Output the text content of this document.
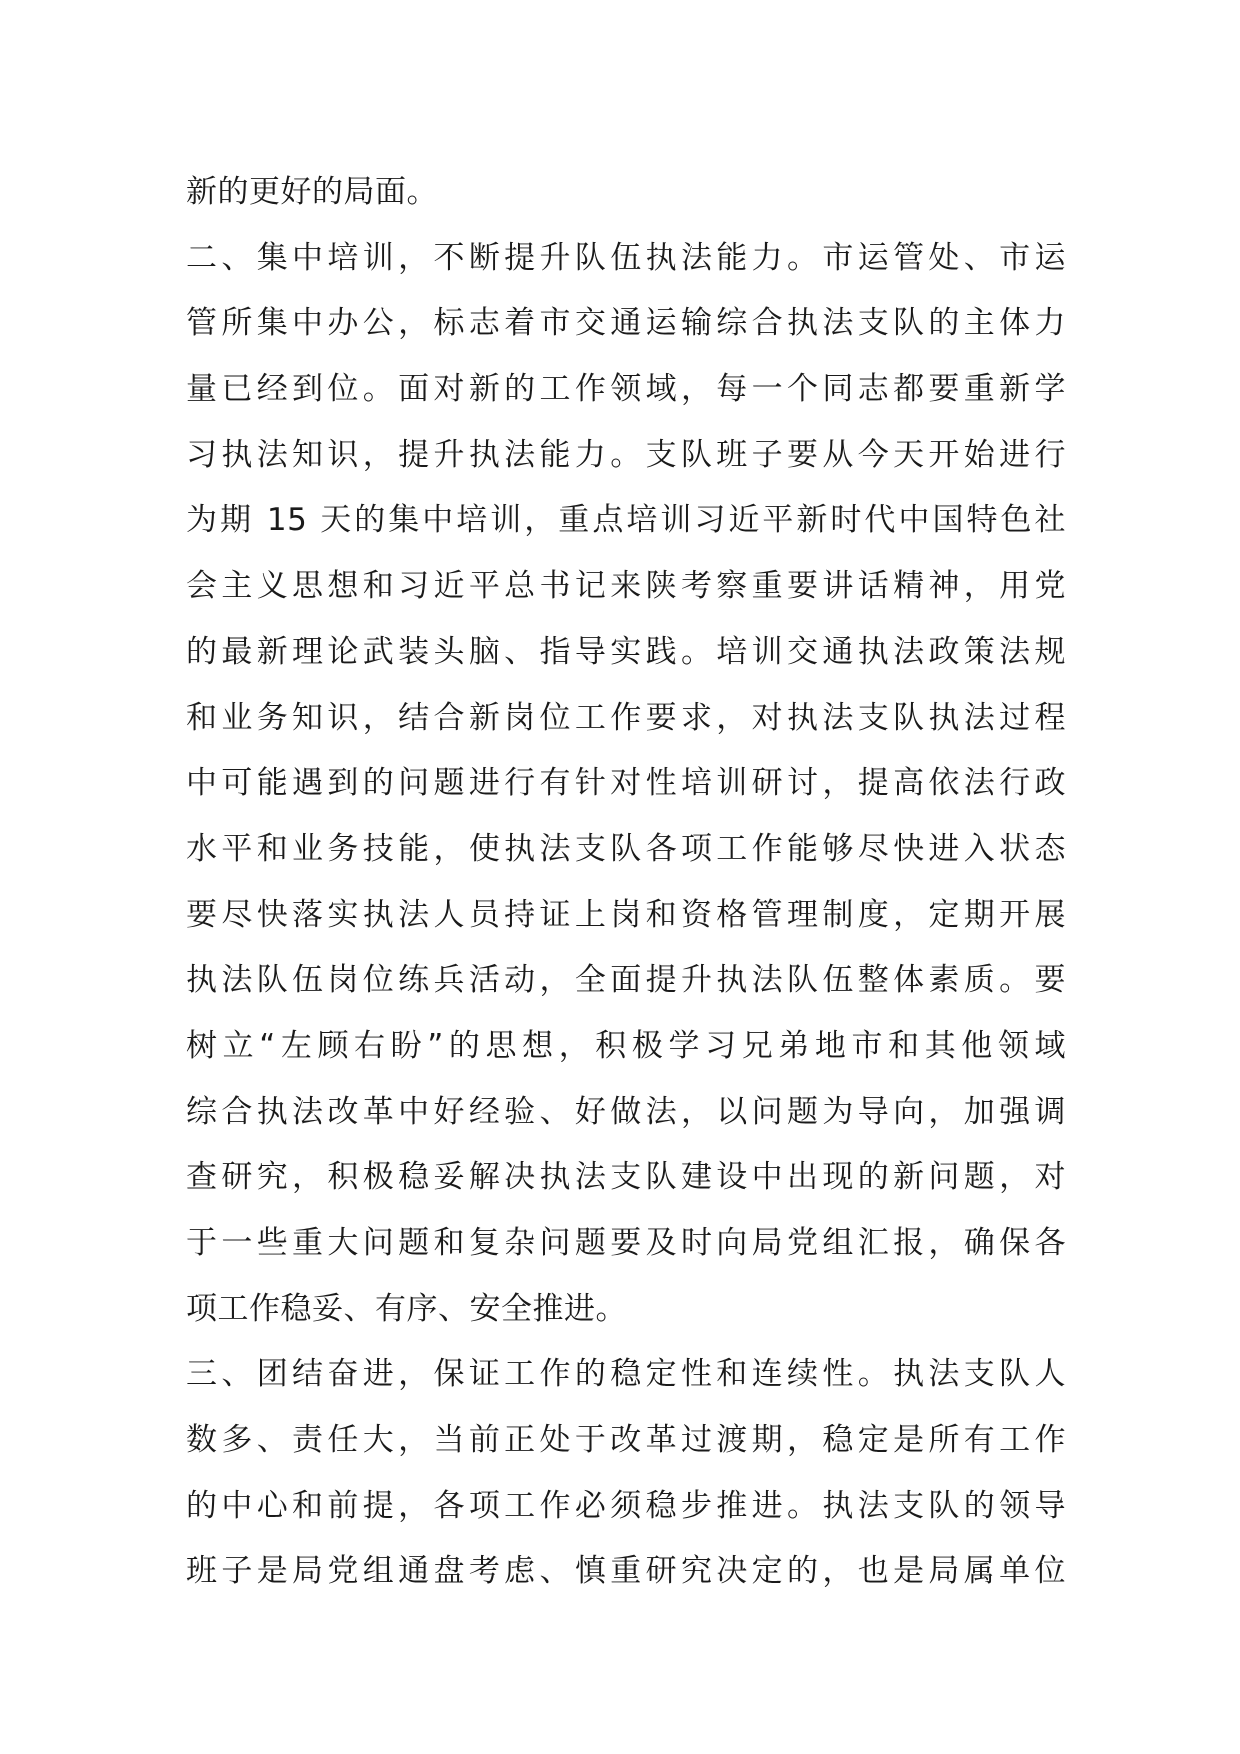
新的更好的局面。
二、集中培训，不断提升队伍执法能力。市运管处、市运
管所集中办公，标志着市交通运输综合执法支队的主体力
量已经到位。面对新的工作领域，每一个同志都要重新学
习执法知识，提升执法能力。支队班子要从今天开始进行
为期 15 天的集中培训，重点培训习近平新时代中国特色社
会主义思想和习近平总书记来陕考察重要讲话精神，用党
的最新理论武装头脑、指导实践。培训交通执法政策法规
和业务知识，结合新岗位工作要求，对执法支队执法过程
中可能遇到的问题进行有针对性培训研讨，提高依法行政
水平和业务技能，使执法支队各项工作能够尽快进入状态
要尽快落实执法人员持证上岗和资格管理制度，定期开展
执法队伍岗位练兵活动，全面提升执法队伍整体素质。要
树立“左顾右盼”的思想，积极学习兄弟地市和其他领域
综合执法改革中好经验、好做法，以问题为导向，加强调
查研究，积极稳妥解决执法支队建设中出现的新问题，对
于一些重大问题和复杂问题要及时向局党组汇报，确保各
项工作稳妥、有序、安全推进。
三、团结奋进，保证工作的稳定性和连续性。执法支队人
数多、责任大，当前正处于改革过渡期，稳定是所有工作
的中心和前提，各项工作必须稳步推进。执法支队的领导
班子是局党组通盘考虑、慎重研究决定的，也是局属单位
